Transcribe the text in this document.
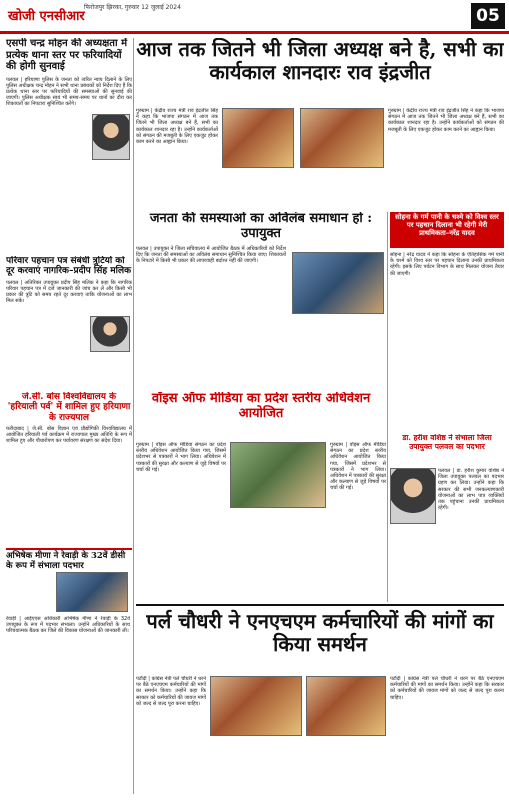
खोजी एनसीआर
फिरोजपुर झिरका, गुरुवार 12 जुलाई 2024	05
एसपी चन्द्र मोहन की अध्यक्षता में प्रत्येक थाना स्तर पर फरियादियों की होगी सुनवाई

पलवल | हरियाणा पुलिस के जनता को त्वरित न्याय दिलाने के लिए पुलिस अधीक्षक चन्द्र मोहन ने सभी थाना प्रबंधकों को निर्देश दिए हैं कि प्रत्येक थाना स्तर पर फरियादियों की समस्याओं की सुनवाई की जाएगी। पुलिस अधीक्षक स्वयं भी समय-समय पर थानों का दौरा कर शिकायतों का निपटारा सुनिश्चित करेंगे।

आज तक जितने भी जिला अध्यक्ष बने है, सभी का कार्यकाल शानदारः राव इंद्रजीत

गुरुग्राम | केंद्रीय राज्य मंत्री राव इंद्रजीत सिंह ने कहा कि भाजपा संगठन में आज तक जितने भी जिला अध्यक्ष बने हैं, सभी का कार्यकाल शानदार रहा है। उन्होंने कार्यकर्ताओं को संगठन की मजबूती के लिए एकजुट होकर काम करने का आह्वान किया।

गुरुग्राम | केंद्रीय राज्य मंत्री राव इंद्रजीत सिंह ने कहा कि भाजपा संगठन में आज तक जितने भी जिला अध्यक्ष बने हैं, सभी का कार्यकाल शानदार रहा है। उन्होंने कार्यकर्ताओं को संगठन की मजबूती के लिए एकजुट होकर काम करने का आह्वान किया।

जनता की समस्याओं का अविलंब समाधान हो : उपायुक्त

पलवल | उपायुक्त ने जिला सचिवालय में आयोजित बैठक में अधिकारियों को निर्देश दिए कि जनता की समस्याओं का अविलंब समाधान सुनिश्चित किया जाए। शिकायतों के निपटारे में किसी भी प्रकार की लापरवाही बर्दाश्त नहीं की जाएगी।

सोहना के गर्म पानी के चश्मे को विश्व स्तर पर पहचान दिलाना भी रहेगी मेरी प्राथमिकता–नरेंद्र यादव

सोहना | नरेंद्र यादव ने कहा कि सोहना के ऐतिहासिक गर्म पानी के चश्मे को विश्व स्तर पर पहचान दिलाना उनकी प्राथमिकता रहेगी। इसके लिए पर्यटन विभाग के साथ मिलकर योजना तैयार की जाएगी।

परिवार पहचान पत्र संबंधी त्रुटियों को दूर करवाएं नागरिक–प्रदीप सिंह मलिक

पलवल | अतिरिक्त उपायुक्त प्रदीप सिंह मलिक ने कहा कि नागरिक परिवार पहचान पत्र में दर्ज जानकारी की जांच कर लें और किसी भी प्रकार की त्रुटि को समय रहते दूर करवाएं ताकि योजनाओं का लाभ मिल सके।

जे.सी. बोस विश्वविद्यालय के 'हरियाली पर्व' में शामिल हुए हरियाणा के राज्यपाल

फरीदाबाद | जे.सी. बोस विज्ञान एवं प्रौद्योगिकी विश्वविद्यालय में आयोजित हरियाली पर्व कार्यक्रम में राज्यपाल मुख्य अतिथि के रूप में शामिल हुए और पौधारोपण कर पर्यावरण संरक्षण का संदेश दिया।

वॉइस ऑफ मीडिया का प्रदेश स्तरीय अधिवेशन आयोजित

गुरुग्राम | वॉइस ऑफ मीडिया संगठन का प्रदेश स्तरीय अधिवेशन आयोजित किया गया, जिसमें प्रदेशभर से पत्रकारों ने भाग लिया। अधिवेशन में पत्रकारों की सुरक्षा और कल्याण से जुड़े विषयों पर चर्चा की गई।

गुरुग्राम | वॉइस ऑफ मीडिया संगठन का प्रदेश स्तरीय अधिवेशन आयोजित किया गया, जिसमें प्रदेशभर से पत्रकारों ने भाग लिया। अधिवेशन में पत्रकारों की सुरक्षा और कल्याण से जुड़े विषयों पर चर्चा की गई।

डा. हरीश वशिष्ठ ने संभाला जिला उपायुक्त पलवल का पदभार

पलवल | डा. हरीश कुमार वशिष्ठ ने जिला उपायुक्त पलवल का पदभार ग्रहण कर लिया। उन्होंने कहा कि सरकार की सभी जनकल्याणकारी योजनाओं का लाभ पात्र व्यक्तियों तक पहुंचाना उनकी प्राथमिकता रहेगी।

अभिषेक मीणा ने रेवाड़ी के 32वें डीसी के रूप में संभाला पदभार

रेवाड़ी | आईएएस अधिकारी अभिषेक मीणा ने रेवाड़ी के 32वें उपायुक्त के रूप में पदभार संभाला। उन्होंने अधिकारियों के साथ परिचयात्मक बैठक कर जिले की विकास योजनाओं की जानकारी ली। पर्ल चौधरी ने एनएचएम कर्मचारियों की मांगों का किया समर्थन

पटौदी | कांग्रेस नेत्री पर्ल चौधरी ने धरने पर बैठे एनएचएम कर्मचारियों की मांगों का समर्थन किया। उन्होंने कहा कि सरकार को कर्मचारियों की जायज मांगों को जल्द से जल्द पूरा करना चाहिए।

पटौदी | कांग्रेस नेत्री पर्ल चौधरी ने धरने पर बैठे एनएचएम कर्मचारियों की मांगों का समर्थन किया। उन्होंने कहा कि सरकार को कर्मचारियों की जायज मांगों को जल्द से जल्द पूरा करना चाहिए।
